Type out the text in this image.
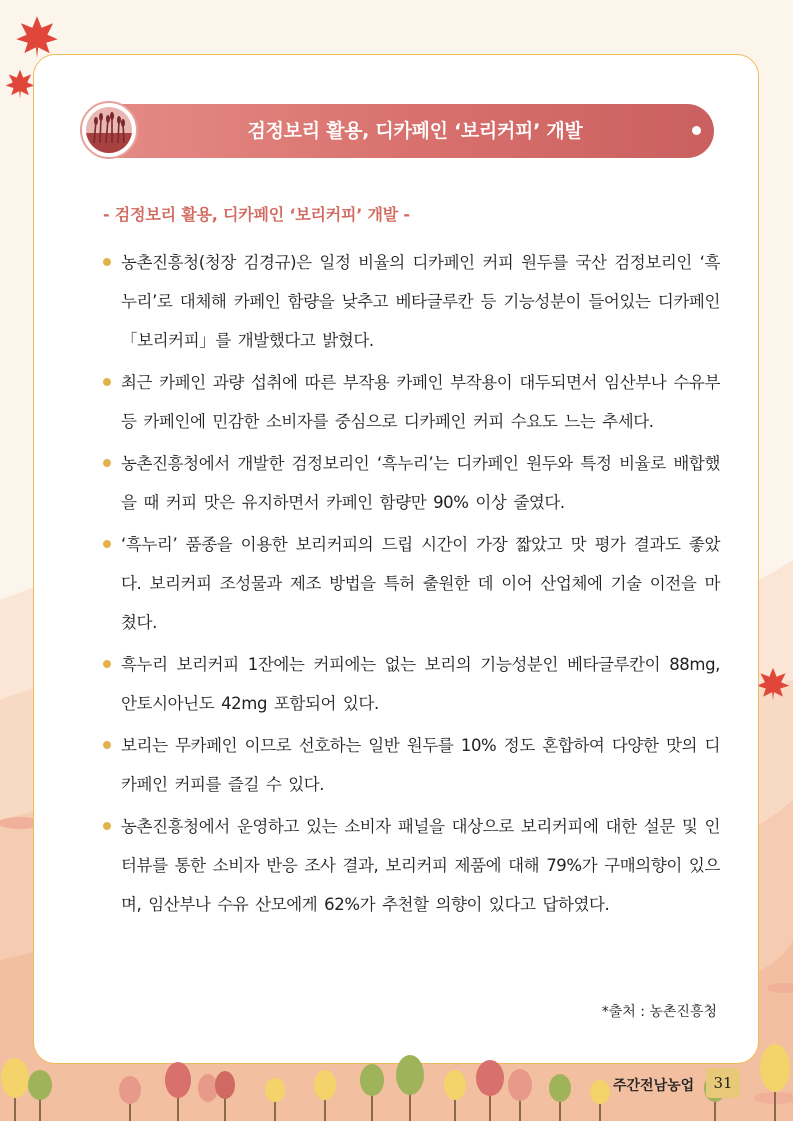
검정보리 활용, 디카페인 ‘보리커피’ 개발
- 검정보리 활용, 디카페인 ‘보리커피’ 개발 -
농촌진흥청(청장 김경규)은 일정 비율의 디카페인 커피 원두를 국산 검정보리인 ‘흑누리’로 대체해 카페인 함량을 낮추고 베타글루칸 등 기능성분이 들어있는 디카페인 「보리커피」를 개발했다고 밝혔다.
최근 카페인 과량 섭취에 따른 부작용 카페인 부작용이 대두되면서 임산부나 수유부 등 카페인에 민감한 소비자를 중심으로 디카페인 커피 수요도 느는 추세다.
농촌진흥청에서 개발한 검정보리인 ‘흑누리’는 디카페인 원두와 특정 비율로 배합했을 때 커피 맛은 유지하면서 카페인 함량만 90% 이상 줄였다.
‘흑누리’ 품종을 이용한 보리커피의 드립 시간이 가장 짧았고 맛 평가 결과도 좋았다. 보리커피 조성물과 제조 방법을 특허 출원한 데 이어 산업체에 기술 이전을 마쳤다.
흑누리 보리커피 1잔에는 커피에는 없는 보리의 기능성분인 베타글루칸이 88mg, 안토시아닌도 42mg 포함되어 있다.
보리는 무카페인 이므로 선호하는 일반 원두를 10% 정도 혼합하여 다양한 맛의 디카페인 커피를 즐길 수 있다.
농촌진흥청에서 운영하고 있는 소비자 패널을 대상으로 보리커피에 대한 설문 및 인터뷰를 통한 소비자 반응 조사 결과, 보리커피 제품에 대해 79%가 구매의향이 있으며, 임산부나 수유 산모에게 62%가 추천할 의향이 있다고 답하였다.
*출처 : 농촌진흥청
주간전남농업	31
